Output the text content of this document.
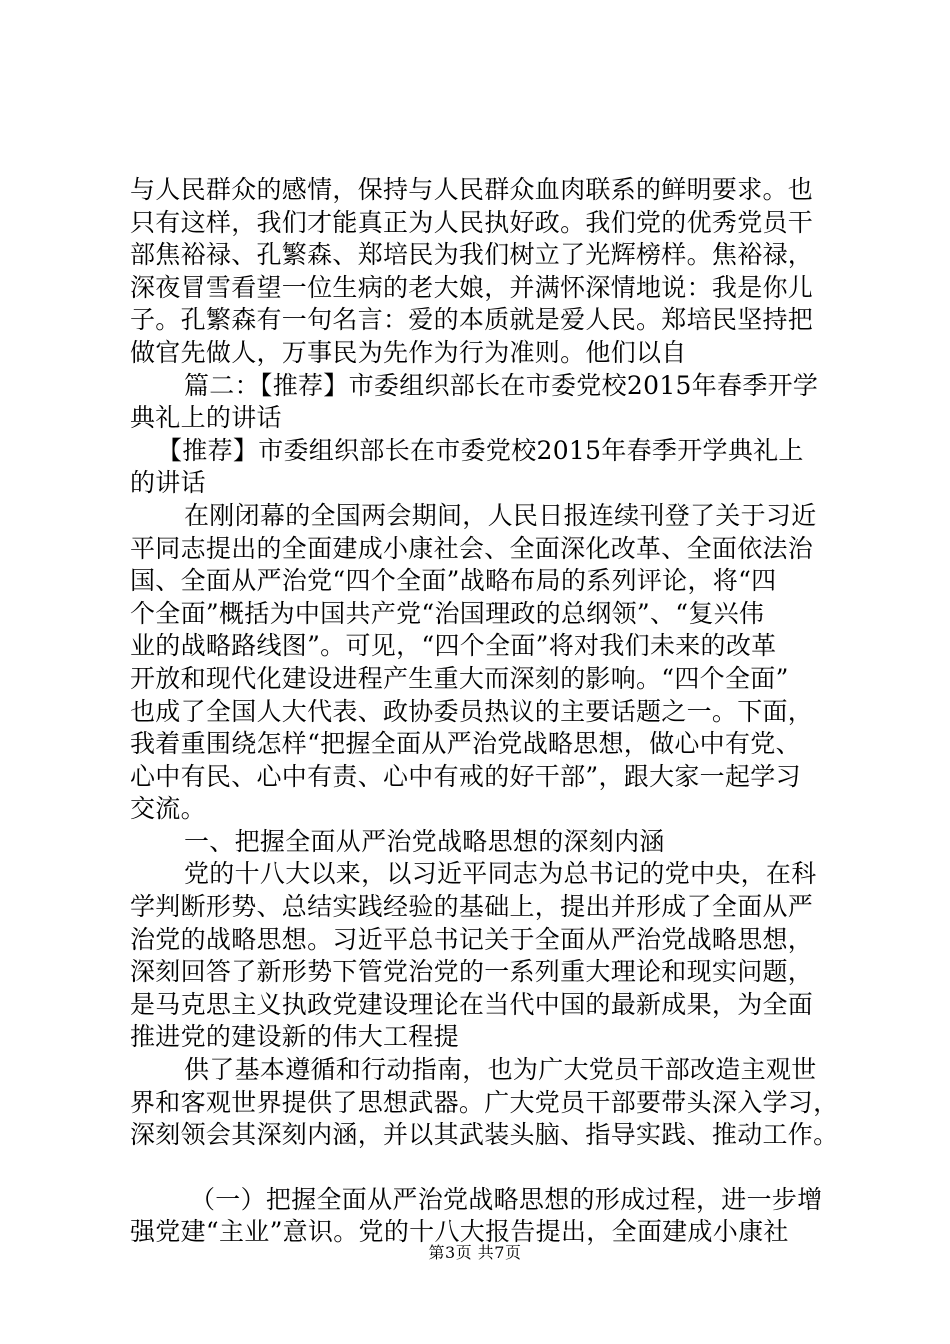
与人民群众的感情，保持与人民群众血肉联系的鲜明要求。也
只有这样，我们才能真正为人民执好政。我们党的优秀党员干
部焦裕禄、孔繁森、郑培民为我们树立了光辉榜样。焦裕禄，
深夜冒雪看望一位生病的老大娘，并满怀深情地说：我是你儿
子。孔繁森有一句名言：爱的本质就是爱人民。郑培民坚持把
做官先做人，万事民为先作为行为准则。他们以自
篇二：【推荐】市委组织部长在市委党校2015年春季开学
典礼上的讲话
【推荐】市委组织部长在市委党校2015年春季开学典礼上
的讲话
在刚闭幕的全国两会期间，人民日报连续刊登了关于习近
平同志提出的全面建成小康社会、全面深化改革、全面依法治
国、全面从严治党“四个全面”战略布局的系列评论，将“四
个全面”概括为中国共产党“治国理政的总纲领”、“复兴伟
业的战略路线图”。可见，“四个全面”将对我们未来的改革
开放和现代化建设进程产生重大而深刻的影响。“四个全面”
也成了全国人大代表、政协委员热议的主要话题之一。下面，
我着重围绕怎样“把握全面从严治党战略思想，做心中有党、
心中有民、心中有责、心中有戒的好干部”，跟大家一起学习
交流。
一、把握全面从严治党战略思想的深刻内涵
党的十八大以来，以习近平同志为总书记的党中央，在科
学判断形势、总结实践经验的基础上，提出并形成了全面从严
治党的战略思想。习近平总书记关于全面从严治党战略思想，
深刻回答了新形势下管党治党的一系列重大理论和现实问题，
是马克思主义执政党建设理论在当代中国的最新成果，为全面
推进党的建设新的伟大工程提
供了基本遵循和行动指南，也为广大党员干部改造主观世
界和客观世界提供了思想武器。广大党员干部要带头深入学习，
深刻领会其深刻内涵，并以其武装头脑、指导实践、推动工作。
（一）把握全面从严治党战略思想的形成过程，进一步增
强党建“主业”意识。党的十八大报告提出，全面建成小康社
第3页 共7页
